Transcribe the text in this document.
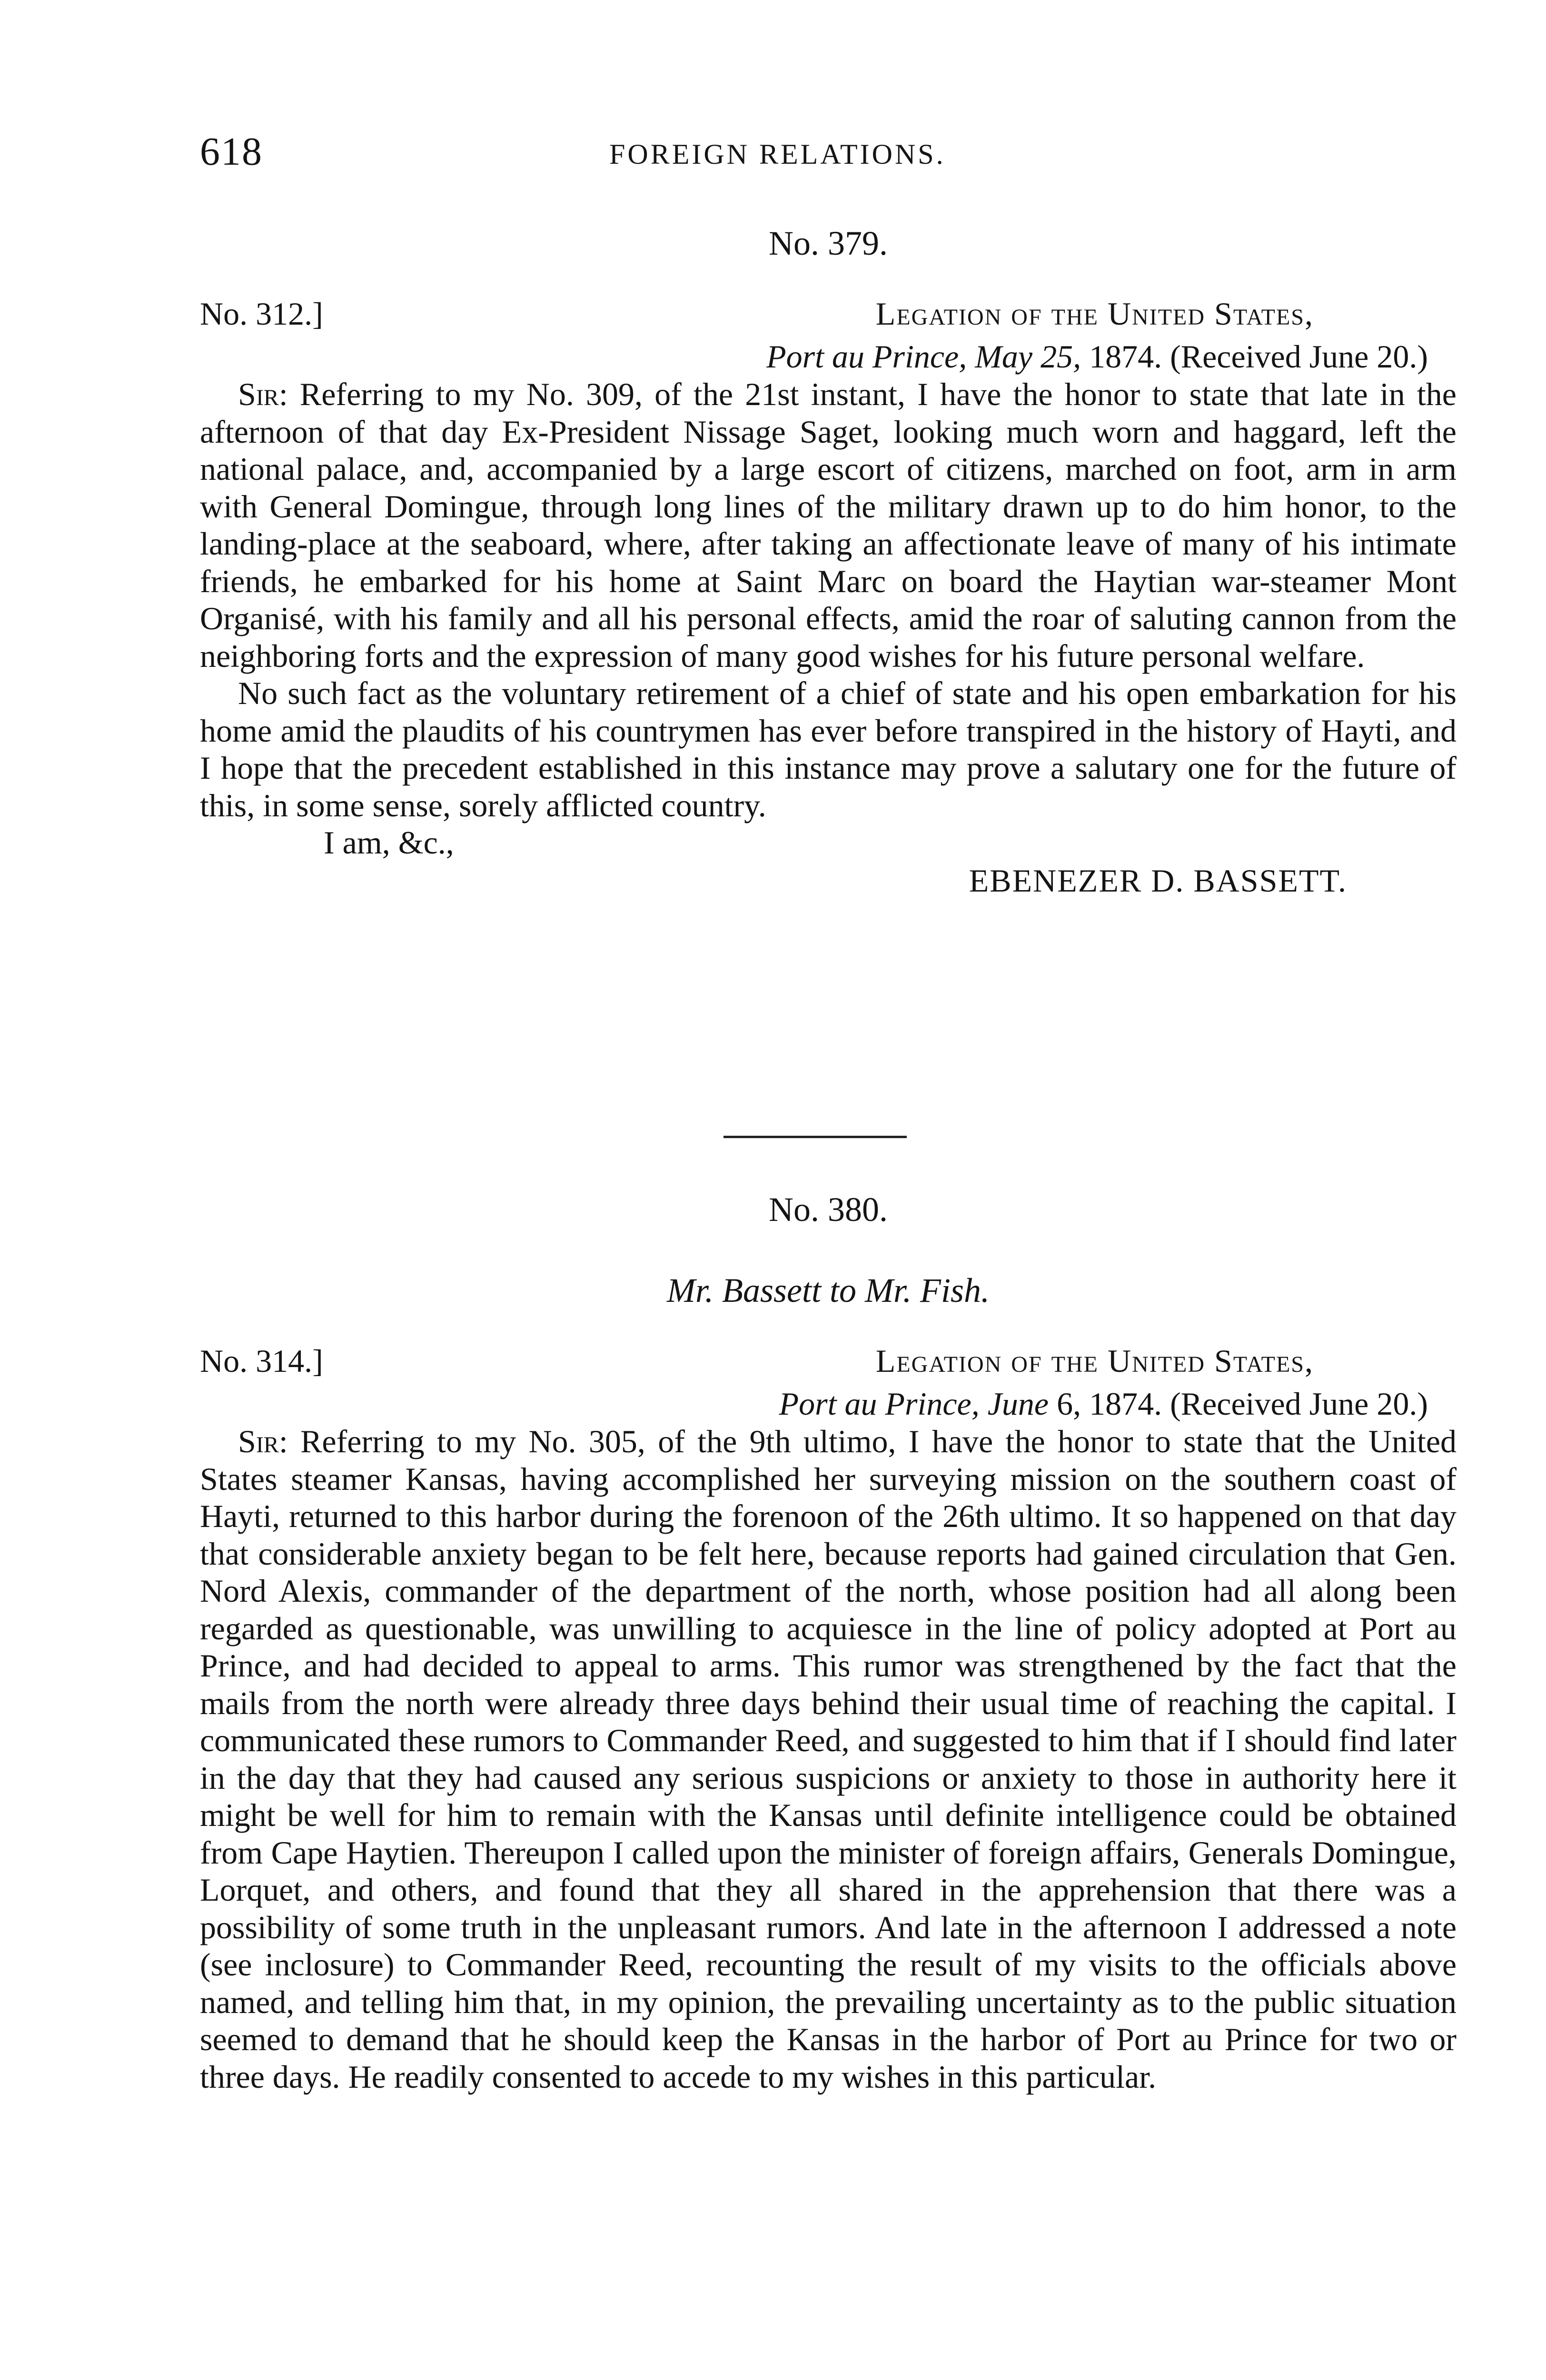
618	FOREIGN RELATIONS.
No. 379.
No. 312.]	Legation of the United States,
Port au Prince, May 25, 1874. (Received June 20.)

Sir: Referring to my No. 309, of the 21st instant, I have the honor to state that late in the afternoon of that day Ex-President Nissage Saget, looking much worn and haggard, left the national palace, and, accompanied by a large escort of citizens, marched on foot, arm in arm with General Domingue, through long lines of the military drawn up to do him honor, to the landing-place at the seaboard, where, after taking an affectionate leave of many of his intimate friends, he embarked for his home at Saint Marc on board the Haytian war-steamer Mont Organisé, with his family and all his personal effects, amid the roar of saluting cannon from the neighboring forts and the expression of many good wishes for his future personal welfare.

No such fact as the voluntary retirement of a chief of state and his open embarkation for his home amid the plaudits of his countrymen has ever before transpired in the history of Hayti, and I hope that the precedent established in this instance may prove a salutary one for the future of this, in some sense, sorely afflicted country.

I am, &c.,
EBENEZER D. BASSETT.
No. 380.
Mr. Bassett to Mr. Fish.
No. 314.]	Legation of the United States,
Port au Prince, June 6, 1874. (Received June 20.)

Sir: Referring to my No. 305, of the 9th ultimo, I have the honor to state that the United States steamer Kansas, having accomplished her surveying mission on the southern coast of Hayti, returned to this harbor during the forenoon of the 26th ultimo. It so happened on that day that considerable anxiety began to be felt here, because reports had gained circulation that Gen. Nord Alexis, commander of the department of the north, whose position had all along been regarded as questionable, was unwilling to acquiesce in the line of policy adopted at Port au Prince, and had decided to appeal to arms. This rumor was strengthened by the fact that the mails from the north were already three days behind their usual time of reaching the capital. I communicated these rumors to Commander Reed, and suggested to him that if I should find later in the day that they had caused any serious suspicions or anxiety to those in authority here it might be well for him to remain with the Kansas until definite intelligence could be obtained from Cape Haytien. Thereupon I called upon the minister of foreign affairs, Generals Domingue, Lorquet, and others, and found that they all shared in the apprehension that there was a possibility of some truth in the unpleasant rumors. And late in the afternoon I addressed a note (see inclosure) to Commander Reed, recounting the result of my visits to the officials above named, and telling him that, in my opinion, the prevailing uncertainty as to the public situation seemed to demand that he should keep the Kansas in the harbor of Port au Prince for two or three days. He readily consented to accede to my wishes in this particular.
